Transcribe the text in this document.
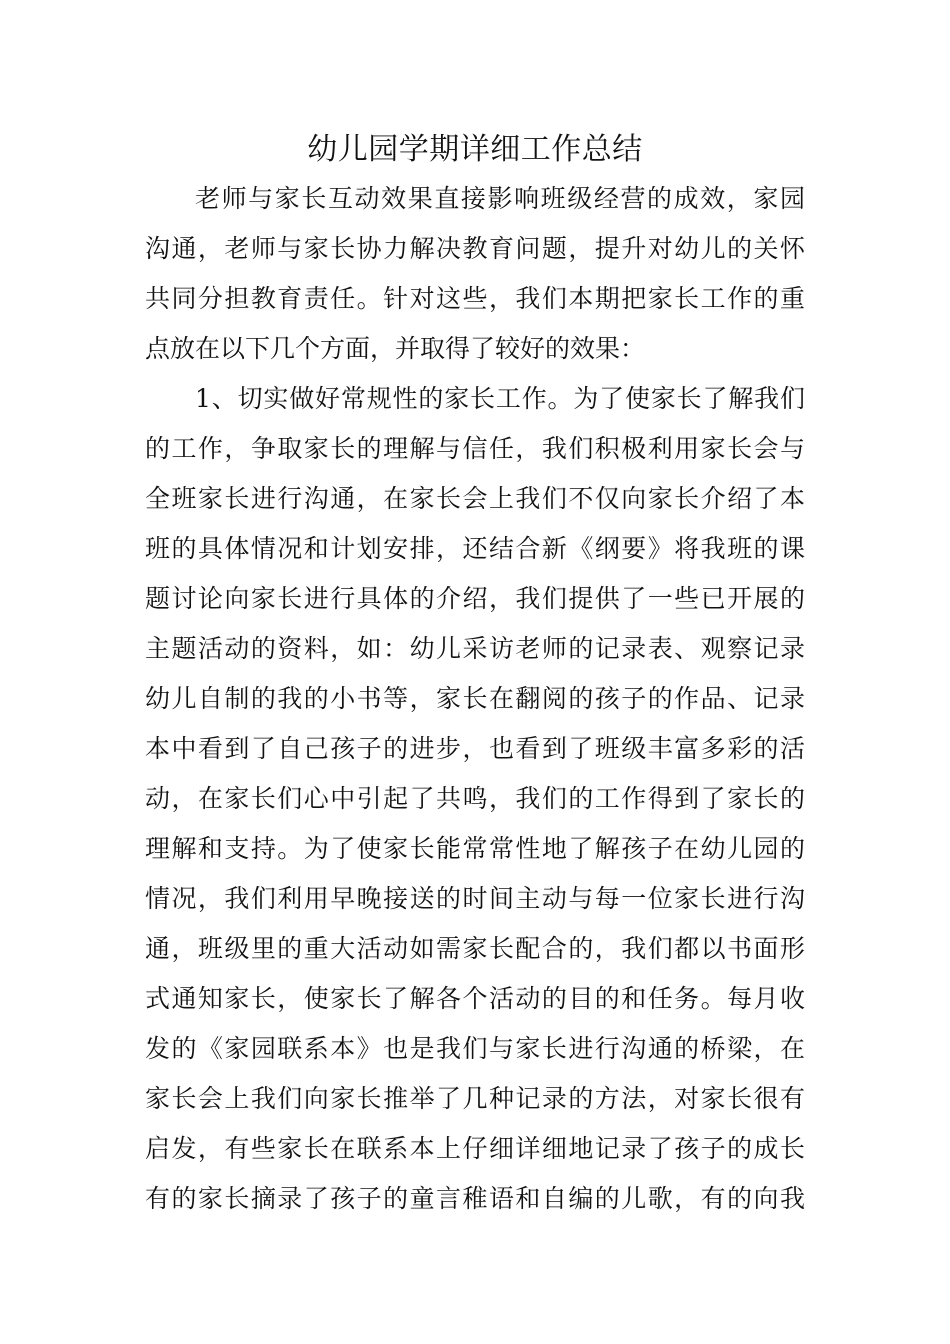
幼儿园学期详细工作总结
老师与家长互动效果直接影响班级经营的成效，家园
沟通，老师与家长协力解决教育问题，提升对幼儿的关怀
共同分担教育责任。针对这些，我们本期把家长工作的重
点放在以下几个方面，并取得了较好的效果：
1、切实做好常规性的家长工作。为了使家长了解我们
的工作，争取家长的理解与信任，我们积极利用家长会与
全班家长进行沟通，在家长会上我们不仅向家长介绍了本
班的具体情况和计划安排，还结合新《纲要》将我班的课
题讨论向家长进行具体的介绍，我们提供了一些已开展的
主题活动的资料，如：幼儿采访老师的记录表、观察记录
幼儿自制的我的小书等，家长在翻阅的孩子的作品、记录
本中看到了自己孩子的进步，也看到了班级丰富多彩的活
动，在家长们心中引起了共鸣，我们的工作得到了家长的
理解和支持。为了使家长能常常性地了解孩子在幼儿园的
情况，我们利用早晚接送的时间主动与每一位家长进行沟
通，班级里的重大活动如需家长配合的，我们都以书面形
式通知家长，使家长了解各个活动的目的和任务。每月收
发的《家园联系本》也是我们与家长进行沟通的桥梁，在
家长会上我们向家长推举了几种记录的方法，对家长很有
启发，有些家长在联系本上仔细详细地记录了孩子的成长
有的家长摘录了孩子的童言稚语和自编的儿歌，有的向我
